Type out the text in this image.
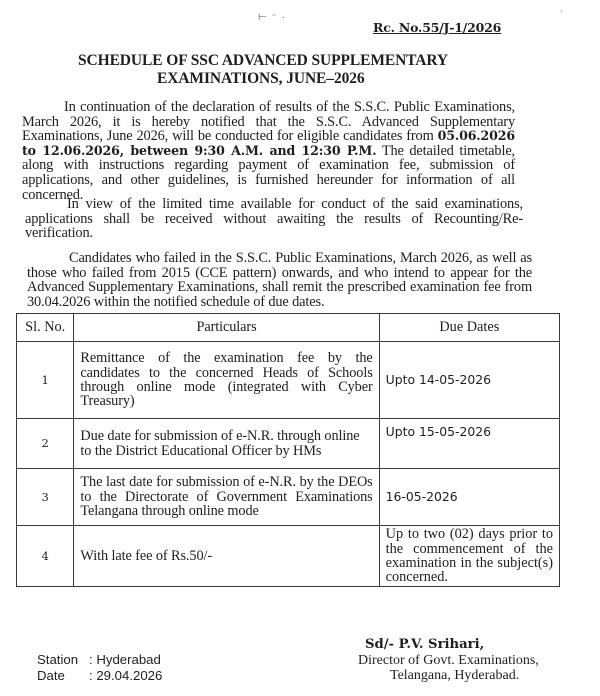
⊢ ⁻ ·
ˎ
Rc. No.55/J-1/2026
SCHEDULE OF SSC ADVANCED SUPPLEMENTARY
EXAMINATIONS, JUNE–2026
In continuation of the declaration of results of the S.S.C. Public Examinations, March 2026, it is hereby notified that the S.S.C. Advanced Supplementary Examinations, June 2026, will be conducted for eligible candidates from 05.06.2026 to 12.06.2026, between 9:30 A.M. and 12:30 P.M. The detailed timetable, along with instructions regarding payment of examination fee, submission of applications, and other guidelines, is furnished hereunder for information of all concerned.
In view of the limited time available for conduct of the said examinations, applications shall be received without awaiting the results of Recounting/Re-verification.
Candidates who failed in the S.S.C. Public Examinations, March 2026, as well as those who failed from 2015 (CCE pattern) onwards, and who intend to appear for the Advanced Supplementary Examinations, shall remit the prescribed examination fee from 30.04.2026 within the notified schedule of due dates.
Sl. No.	Particulars	Due Dates
1	Remittance of the examination fee by the candidates to the concerned Heads of Schools through online mode (integrated with Cyber Treasury)	Upto 14-05-2026
2	Due date for submission of e-N.R. through online to the District Educational Officer by HMs	Upto 15-05-2026
3	The last date for submission of e-N.R. by the DEOs to the Directorate of Government Examinations Telangana through online mode	16-05-2026
4	With late fee of Rs.50/-	Up to two (02) days prior to the commencement of the examination in the subject(s) concerned.
Station : Hyderabad
Date : 29.04.2026
Sd/- P.V. Srihari,
Director of Govt. Examinations,
Telangana, Hyderabad.
